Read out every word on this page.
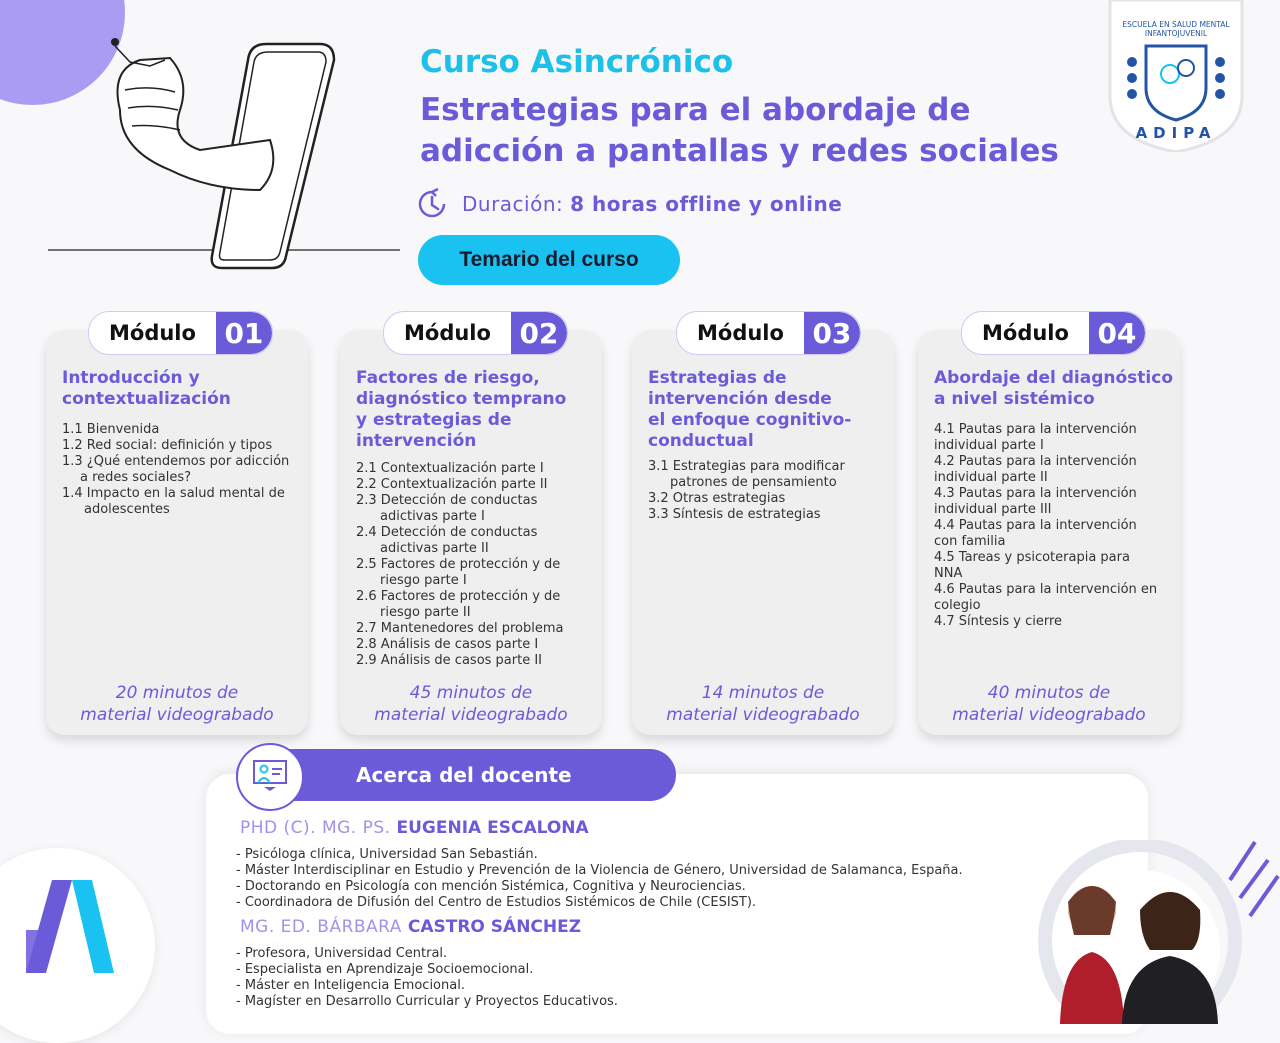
Curso Asincrónico
Estrategias para el abordaje de
adicción a pantallas y redes sociales
Duración: 8 horas offline y online
Temario del curso
ESCUELA EN SALUD MENTAL
INFANTOJUVENIL
ADIPA
Introducción y
contextualización
1.1 Bienvenida
1.2 Red social: definición y tipos
1.3 ¿Qué entendemos por adicción
a redes sociales?
1.4 Impacto en la salud mental de
adolescentes
20 minutos de
material videograbado
Módulo	01
Factores de riesgo,
diagnóstico temprano
y estrategias de
intervención
2.1 Contextualización parte I
2.2 Contextualización parte II
2.3 Detección de conductas
adictivas parte I
2.4 Detección de conductas
adictivas parte II
2.5 Factores de protección y de
riesgo parte I
2.6 Factores de protección y de
riesgo parte II
2.7 Mantenedores del problema
2.8 Análisis de casos parte I
2.9 Análisis de casos parte II
45 minutos de
material videograbado
Módulo	02
Estrategias de
intervención desde
el enfoque cognitivo-
conductual
3.1 Estrategias para modificar
patrones de pensamiento
3.2 Otras estrategias
3.3 Síntesis de estrategias
14 minutos de
material videograbado
Módulo	03
Abordaje del diagnóstico
a nivel sistémico
4.1 Pautas para la intervención
individual parte I
4.2 Pautas para la intervención
individual parte II
4.3 Pautas para la intervención
individual parte III
4.4 Pautas para la intervención
con familia
4.5 Tareas y psicoterapia para
NNA
4.6 Pautas para la intervención en
colegio
4.7 Síntesis y cierre
40 minutos de
material videograbado
Módulo	04
Acerca del docente
PHD (C). MG. PS. EUGENIA ESCALONA
- Psicóloga clínica, Universidad San Sebastián.
- Máster Interdisciplinar en Estudio y Prevención de la Violencia de Género, Universidad de Salamanca, España.
- Doctorando en Psicología con mención Sistémica, Cognitiva y Neurociencias.
- Coordinadora de Difusión del Centro de Estudios Sistémicos de Chile (CESIST).
MG. ED. BÁRBARA CASTRO SÁNCHEZ
- Profesora, Universidad Central.
- Especialista en Aprendizaje Socioemocional.
- Máster en Inteligencia Emocional.
- Magíster en Desarrollo Curricular y Proyectos Educativos.
